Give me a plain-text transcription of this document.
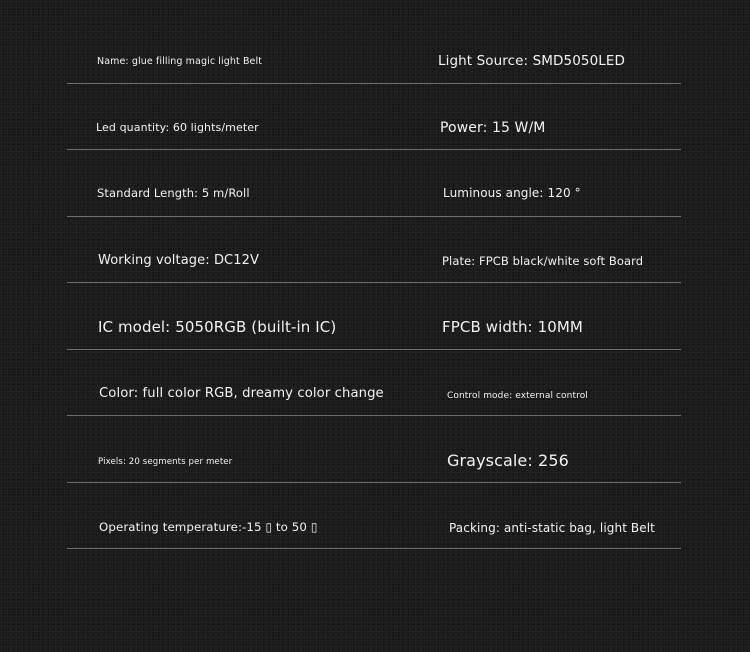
Name: glue filling magic light Belt	Light Source: SMD5050LED
Led quantity: 60 lights/meter	Power: 15 W/M
Standard Length: 5 m/Roll	Luminous angle: 120 °
Working voltage: DC12V	Plate: FPCB black/white soft Board
IC model: 5050RGB (built-in IC)	FPCB width: 10MM
Color: full color RGB, dreamy color change	Control mode: external control
Pixels: 20 segments per meter	Grayscale: 256
Operating temperature:-15 ▯ to 50 ▯	Packing: anti-static bag, light Belt
